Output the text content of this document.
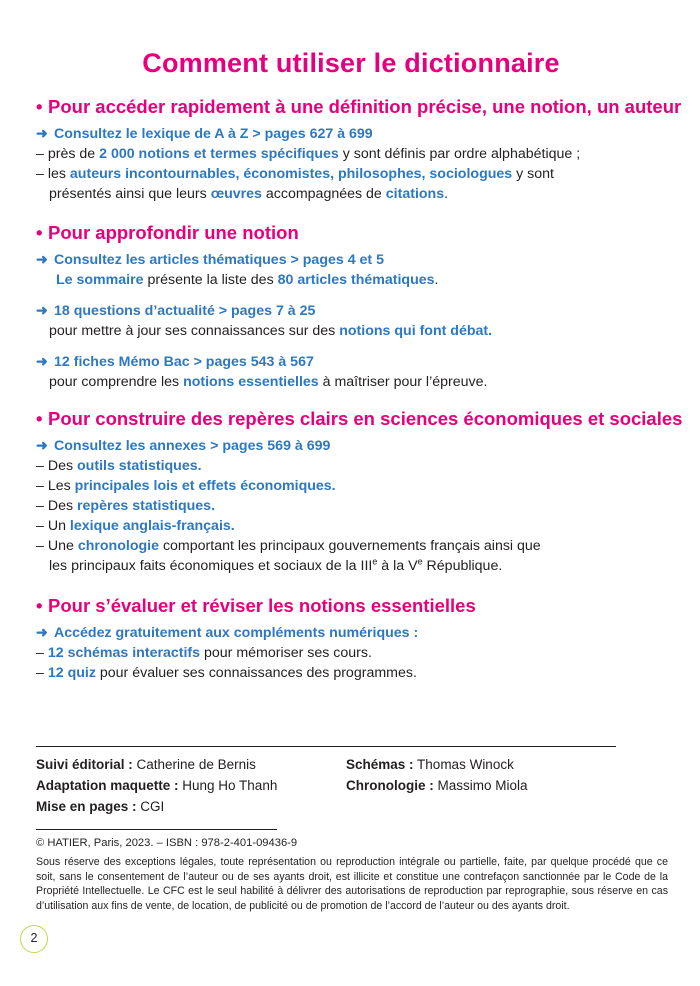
Comment utiliser le dictionnaire
• Pour accéder rapidement à une définition précise, une notion, un auteur
➜ Consultez le lexique de A à Z > pages 627 à 699
– près de 2 000 notions et termes spécifiques y sont définis par ordre alphabétique ;
– les auteurs incontournables, économistes, philosophes, sociologues y sont
présentés ainsi que leurs œuvres accompagnées de citations.
• Pour approfondir une notion
➜ Consultez les articles thématiques > pages 4 et 5
Le sommaire présente la liste des 80 articles thématiques.
➜ 18 questions d’actualité > pages 7 à 25
pour mettre à jour ses connaissances sur des notions qui font débat.
➜ 12 fiches Mémo Bac > pages 543 à 567
pour comprendre les notions essentielles à maîtriser pour l’épreuve.
• Pour construire des repères clairs en sciences économiques et sociales
➜ Consultez les annexes > pages 569 à 699
– Des outils statistiques.
– Les principales lois et effets économiques.
– Des repères statistiques.
– Un lexique anglais-français.
– Une chronologie comportant les principaux gouvernements français ainsi que
les principaux faits économiques et sociaux de la IIIe à la Ve République.
• Pour s’évaluer et réviser les notions essentielles
➜ Accédez gratuitement aux compléments numériques :
– 12 schémas interactifs pour mémoriser ses cours.
– 12 quiz pour évaluer ses connaissances des programmes.
Suivi éditorial : Catherine de Bernis
Adaptation maquette : Hung Ho Thanh
Mise en pages : CGI
Schémas : Thomas Winock
Chronologie : Massimo Miola
© HATIER, Paris, 2023. – ISBN : 978-2-401-09436-9
Sous réserve des exceptions légales, toute représentation ou reproduction intégrale ou partielle, faite, par quelque procédé que ce soit, sans le consentement de l’auteur ou de ses ayants droit, est illicite et constitue une contrefaçon sanctionnée par le Code de la Propriété Intellectuelle. Le CFC est le seul habilité à délivrer des autorisations de reproduction par reprographie, sous réserve en cas d’utilisation aux fins de vente, de location, de publicité ou de promotion de l’accord de l’auteur ou des ayants droit.
2
